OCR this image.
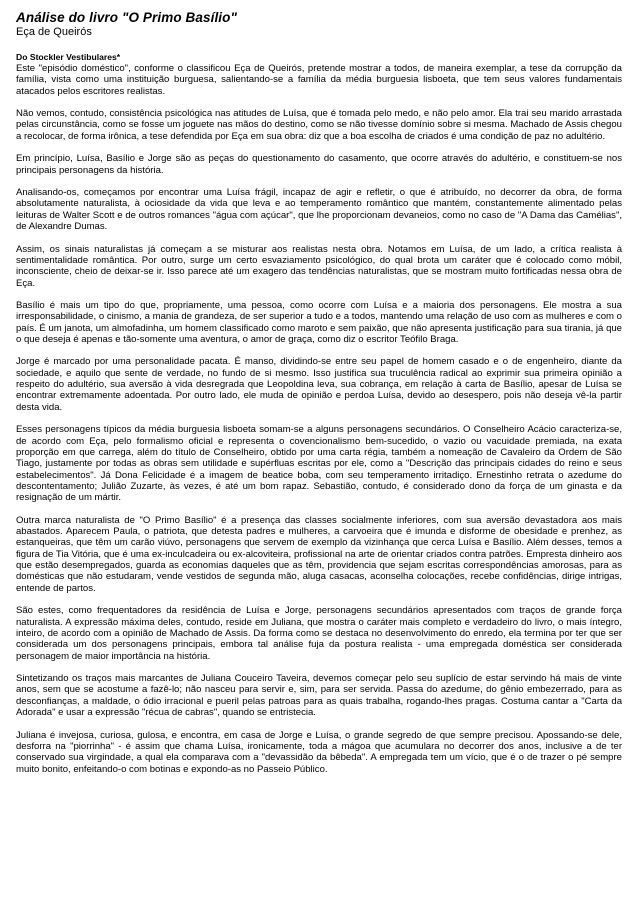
Análise do livro "O Primo Basílio"
Eça de Queirós
Do Stockler Vestibulares*

Este "episódio doméstico", conforme o classificou Eça de Queirós, pretende mostrar a todos, de maneira exemplar, a tese da corrupção da família, vista como uma instituição burguesa, salientando-se a família da média burguesia lisboeta, que tem seus valores fundamentais atacados pelos escritores realistas.

Não vemos, contudo, consistência psicológica nas atitudes de Luísa, que é tomada pelo medo, e não pelo amor. Ela trai seu marido arrastada pelas circunstância, como se fosse um joguete nas mãos do destino, como se não tivesse domínio sobre si mesma. Machado de Assis chegou a recolocar, de forma irônica, a tese defendida por Eça em sua obra: diz que a boa escolha de criados é uma condição de paz no adultério.

Em princípio, Luísa, Basílio e Jorge são as peças do questionamento do casamento, que ocorre através do adultério, e constituem-se nos principais personagens da história.

Analisando-os, começamos por encontrar uma Luísa frágil, incapaz de agir e refletir, o que é atribuído, no decorrer da obra, de forma absolutamente naturalista, à ociosidade da vida que leva e ao temperamento romântico que mantém, constantemente alimentado pelas leituras de Walter Scott e de outros romances "água com açúcar", que lhe proporcionam devaneios, como no caso de "A Dama das Camélias", de Alexandre Dumas.

Assim, os sinais naturalistas já começam a se misturar aos realistas nesta obra. Notamos em Luísa, de um lado, a crítica realista à sentimentalidade romântica. Por outro, surge um certo esvaziamento psicológico, do qual brota um caráter que é colocado como móbil, inconsciente, cheio de deixar-se ir. Isso parece até um exagero das tendências naturalistas, que se mostram muito fortificadas nessa obra de Eça.

Basílio é mais um tipo do que, propriamente, uma pessoa, como ocorre com Luísa e a maioria dos personagens. Ele mostra a sua irresponsabilidade, o cinismo, a mania de grandeza, de ser superior a tudo e a todos, mantendo uma relação de uso com as mulheres e com o país. É um janota, um almofadinha, um homem classificado como maroto e sem paixão, que não apresenta justificação para sua tirania, já que o que deseja é apenas e tão-somente uma aventura, o amor de graça, como diz o escritor Teófilo Braga.

Jorge é marcado por uma personalidade pacata. É manso, dividindo-se entre seu papel de homem casado e o de engenheiro, diante da sociedade, e aquilo que sente de verdade, no fundo de si mesmo. Isso justifica sua truculência radical ao exprimir sua primeira opinião a respeito do adultério, sua aversão à vida desregrada que Leopoldina leva, sua cobrança, em relação à carta de Basílio, apesar de Luísa se encontrar extremamente adoentada. Por outro lado, ele muda de opinião e perdoa Luísa, devido ao desespero, pois não deseja vê-la partir desta vida.

Esses personagens típicos da média burguesia lisboeta somam-se a alguns personagens secundários. O Conselheiro Acácio caracteriza-se, de acordo com Eça, pelo formalismo oficial e representa o covencionalismo bem-sucedido, o vazio ou vacuidade premiada, na exata proporção em que carrega, além do título de Conselheiro, obtido por uma carta régia, também a nomeação de Cavaleiro da Ordem de São Tiago, justamente por todas as obras sem utilidade e supérfluas escritas por ele, como a "Descrição das principais cidades do reino e seus estabelecimentos". Já Dona Felicidade é a imagem de beatice boba, com seu temperamento irritadiço. Ernestinho retrata o azedume do descontentamento; Julião Zuzarte, às vezes, é até um bom rapaz. Sebastião, contudo, é considerado dono da força de um ginasta e da resignação de um mártir.

Outra marca naturalista de "O Primo Basílio" é a presença das classes socialmente inferiores, com sua aversão devastadora aos mais abastados. Aparecem Paula, o patriota, que detesta padres e mulheres, a carvoeira que é imunda e disforme de obesidade e prenhez, as estanqueiras, que têm um carão viúvo, personagens que servem de exemplo da vizinhança que cerca Luísa e Basílio. Além desses, temos a figura de Tia Vitória, que é uma ex-inculcadeira ou ex-alcoviteira, profissional na arte de orientar criados contra patrões. Empresta dinheiro aos que estão desempregados, guarda as economias daqueles que as têm, providencia que sejam escritas correspondências amorosas, para as domésticas que não estudaram, vende vestidos de segunda mão, aluga casacas, aconselha colocações, recebe confidências, dirige intrigas, entende de partos.

São estes, como frequentadores da residência de Luísa e Jorge, personagens secundários apresentados com traços de grande força naturalista. A expressão máxima deles, contudo, reside em Juliana, que mostra o caráter mais completo e verdadeiro do livro, o mais íntegro, inteiro, de acordo com a opinião de Machado de Assis. Da forma como se destaca no desenvolvimento do enredo, ela termina por ter que ser considerada um dos personagens principais, embora tal análise fuja da postura realista - uma empregada doméstica ser considerada personagem de maior importância na história.

Sintetizando os traços mais marcantes de Juliana Couceiro Taveira, devemos começar pelo seu suplício de estar servindo há mais de vinte anos, sem que se acostume a fazê-lo; não nasceu para servir e, sim, para ser servida. Passa do azedume, do gênio embezerrado, para as desconfianças, a maldade, o ódio irracional e pueril pelas patroas para as quais trabalha, rogando-lhes pragas. Costuma cantar a "Carta da Adorada" e usar a expressão "récua de cabras", quando se entristecia.

Juliana é invejosa, curiosa, gulosa, e encontra, em casa de Jorge e Luísa, o grande segredo de que sempre precisou. Apossando-se dele, desforra na "piorrinha" - é assim que chama Luísa, ironicamente, toda a mágoa que acumulara no decorrer dos anos, inclusive a de ter conservado sua virgindade, a qual ela comparava com a "devassidão da bêbeda". A empregada tem um vício, que é o de trazer o pé sempre muito bonito, enfeitando-o com botinas e expondo-as no Passeio Público.
